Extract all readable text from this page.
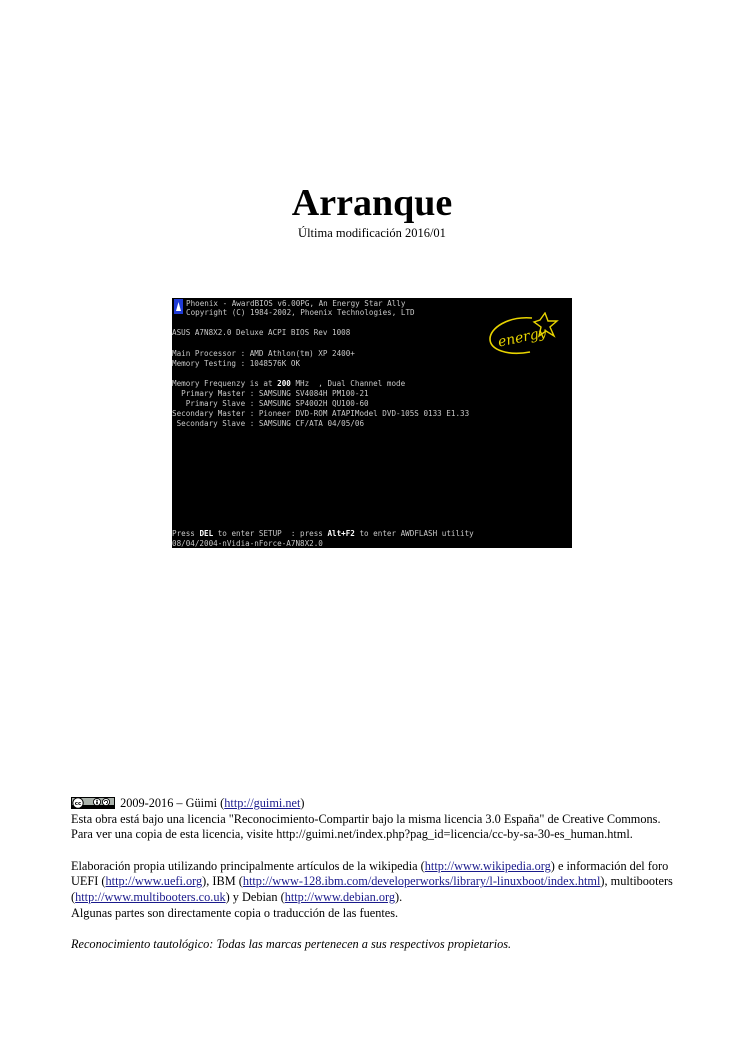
Arranque
Última modificación 2016/01

Phoenix - AwardBIOS v6.00PG, An Energy Star Ally

Copyright (C) 1984-2002, Phoenix Technologies, LTD

ASUS A7N8X2.0 Deluxe ACPI BIOS Rev 1008

Main Processor : AMD Athlon(tm) XP 2400+

Memory Testing : 1048576K OK

Memory Frequenzy is at 200 MHz  , Dual Channel mode

Primary Master : SAMSUNG SV4084H PM100-21

Primary Slave : SAMSUNG SP4002H QU100-60

Secondary Master : Pioneer DVD-ROM ATAPIModel DVD-105S 0133 E1.33

Secondary Slave : SAMSUNG CF/ATA 04/05/06

Press DEL to enter SETUP  : press Alt+F2 to enter AWDFLASH utility

08/04/2004-nVidia-nForce-A7N8X2.0

energy

cc	2009-2016 – Güimi (http://guimi.net)

Esta obra está bajo una licencia "Reconocimiento-Compartir bajo la misma licencia 3.0 España" de Creative Commons.

Para ver una copia de esta licencia, visite http://guimi.net/index.php?pag_id=licencia/cc-by-sa-30-es_human.html.

Elaboración propia utilizando principalmente artículos de la wikipedia (http://www.wikipedia.org) e información del foro
UEFI (http://www.uefi.org), IBM (http://www-128.ibm.com/developerworks/library/l-linuxboot/index.html), multibooters
(http://www.multibooters.co.uk) y Debian (http://www.debian.org).
Algunas partes son directamente copia o traducción de las fuentes.

Reconocimiento tautológico: Todas las marcas pertenecen a sus respectivos propietarios.
